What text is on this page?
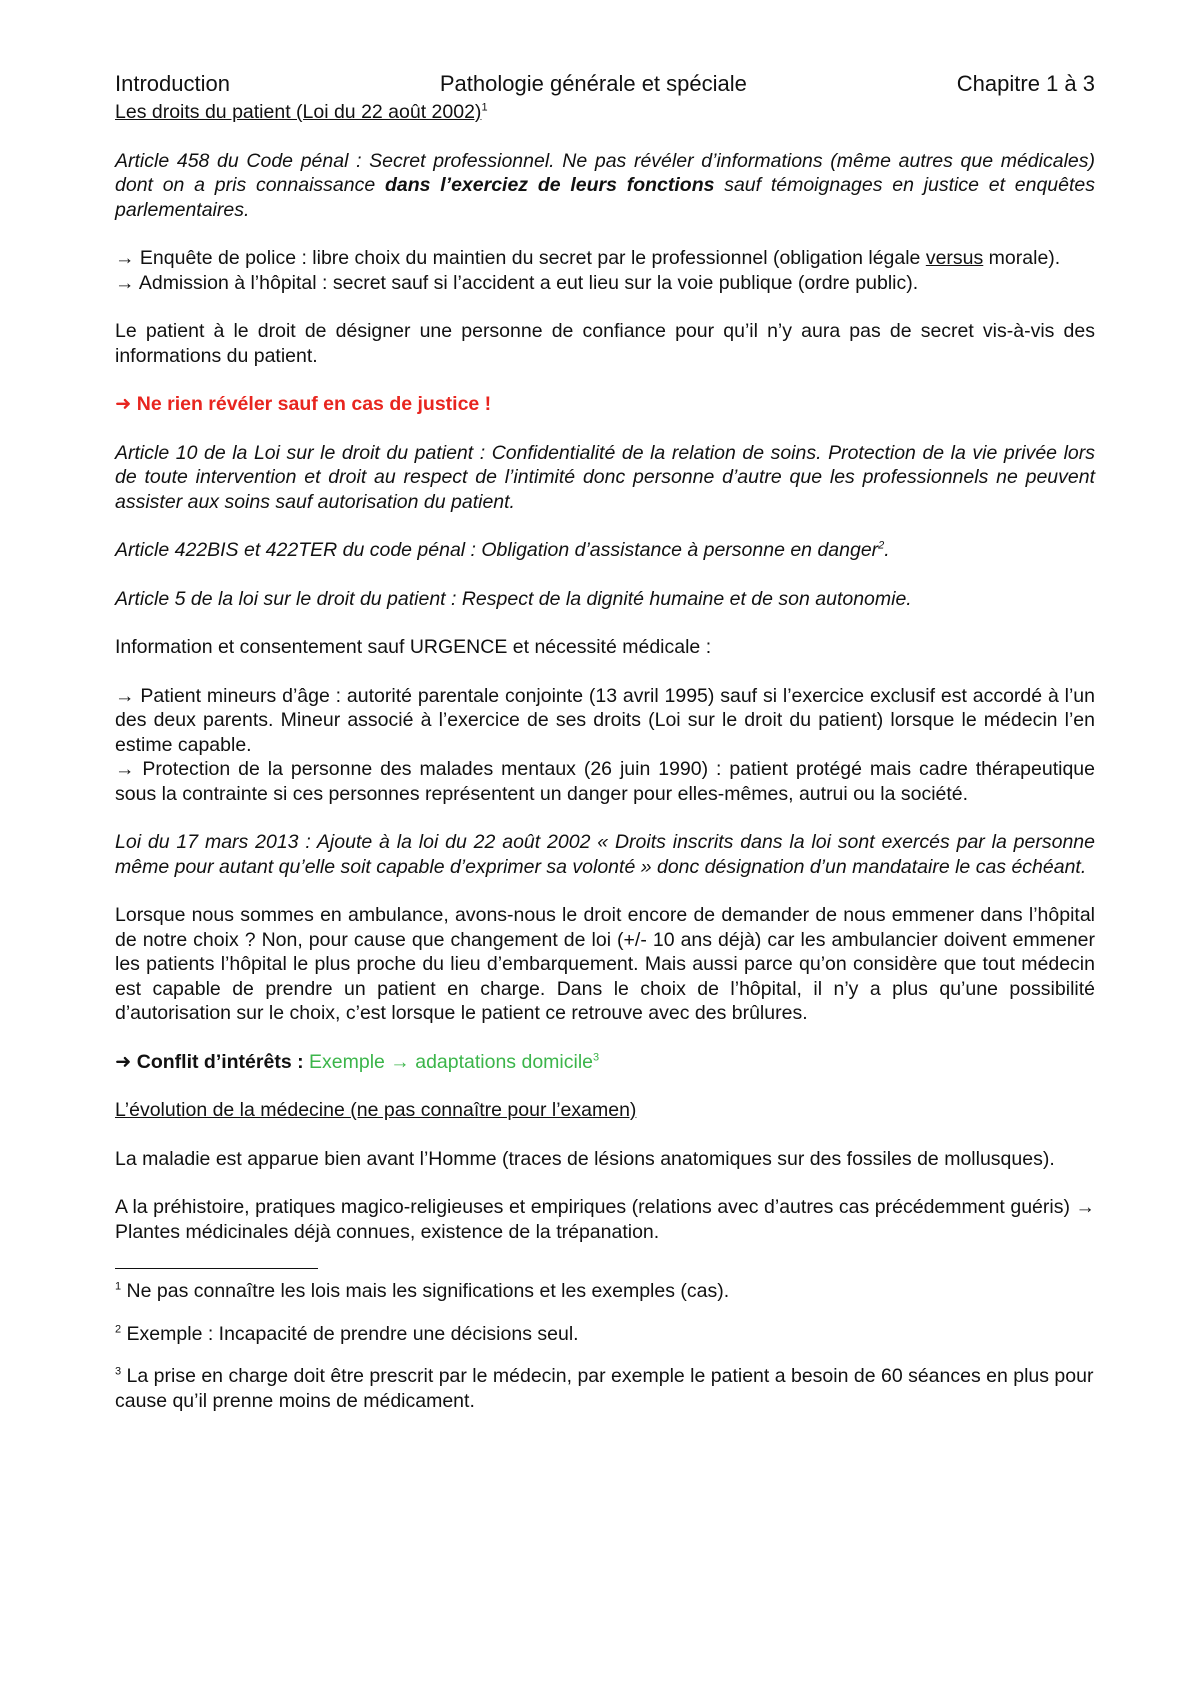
Introduction	Pathologie générale et spéciale	Chapitre 1 à 3

Les droits du patient (Loi du 22 août 2002)$^1$

Article 458 du Code pénal : Secret professionnel. Ne pas révéler d’informations (même autres que médicales) dont on a pris connaissance dans l’exerciez de leurs fonctions sauf témoignages en justice et enquêtes parlementaires.

→ Enquête de police : libre choix du maintien du secret par le professionnel (obligation légale versus morale).

→ Admission à l’hôpital : secret sauf si l’accident a eut lieu sur la voie publique (ordre public).

Le patient à le droit de désigner une personne de confiance pour qu’il n’y aura pas de secret vis-à-vis des informations du patient.

➜ Ne rien révéler sauf en cas de justice !

Article 10 de la Loi sur le droit du patient : Confidentialité de la relation de soins. Protection de la vie privée lors de toute intervention et droit au respect de l’intimité donc personne d’autre que les professionnels ne peuvent assister aux soins sauf autorisation du patient.

Article 422BIS et 422TER du code pénal : Obligation d’assistance à personne en danger$^2$.

Article 5 de la loi sur le droit du patient : Respect de la dignité humaine et de son autonomie.

Information et consentement sauf URGENCE et nécessité médicale :

→ Patient mineurs d’âge : autorité parentale conjointe (13 avril 1995) sauf si l’exercice exclusif est accordé à l’un des deux parents. Mineur associé à l’exercice de ses droits (Loi sur le droit du patient) lorsque le médecin l’en estime capable.

→ Protection de la personne des malades mentaux (26 juin 1990) : patient protégé mais cadre thérapeutique sous la contrainte si ces personnes représentent un danger pour elles-mêmes, autrui ou la société.

Loi du 17 mars 2013 : Ajoute à la loi du 22 août 2002 « Droits inscrits dans la loi sont exercés par la personne même pour autant qu’elle soit capable d’exprimer sa volonté » donc désignation d’un mandataire le cas échéant.

Lorsque nous sommes en ambulance, avons-nous le droit encore de demander de nous emmener dans l’hôpital de notre choix ? Non, pour cause que changement de loi (+/- 10 ans déjà) car les ambulancier doivent emmener les patients l’hôpital le plus proche du lieu d’embarquement. Mais aussi parce qu’on considère que tout médecin est capable de prendre un patient en charge. Dans le choix de l’hôpital, il n’y a plus qu’une possibilité d’autorisation sur le choix, c’est lorsque le patient ce retrouve avec des brûlures.

➜ Conflit d’intérêts : Exemple → adaptations domicile$^3$

L’évolution de la médecine (ne pas connaître pour l’examen)

La maladie est apparue bien avant l’Homme (traces de lésions anatomiques sur des fossiles de mollusques).

A la préhistoire, pratiques magico-religieuses et empiriques (relations avec d’autres cas précédemment guéris) → Plantes médicinales déjà connues, existence de la trépanation.

$^1$ Ne pas connaître les lois mais les significations et les exemples (cas).

$^2$ Exemple : Incapacité de prendre une décisions seul.

$^3$ La prise en charge doit être prescrit par le médecin, par exemple le patient a besoin de 60 séances en plus pour cause qu’il prenne moins de médicament.
